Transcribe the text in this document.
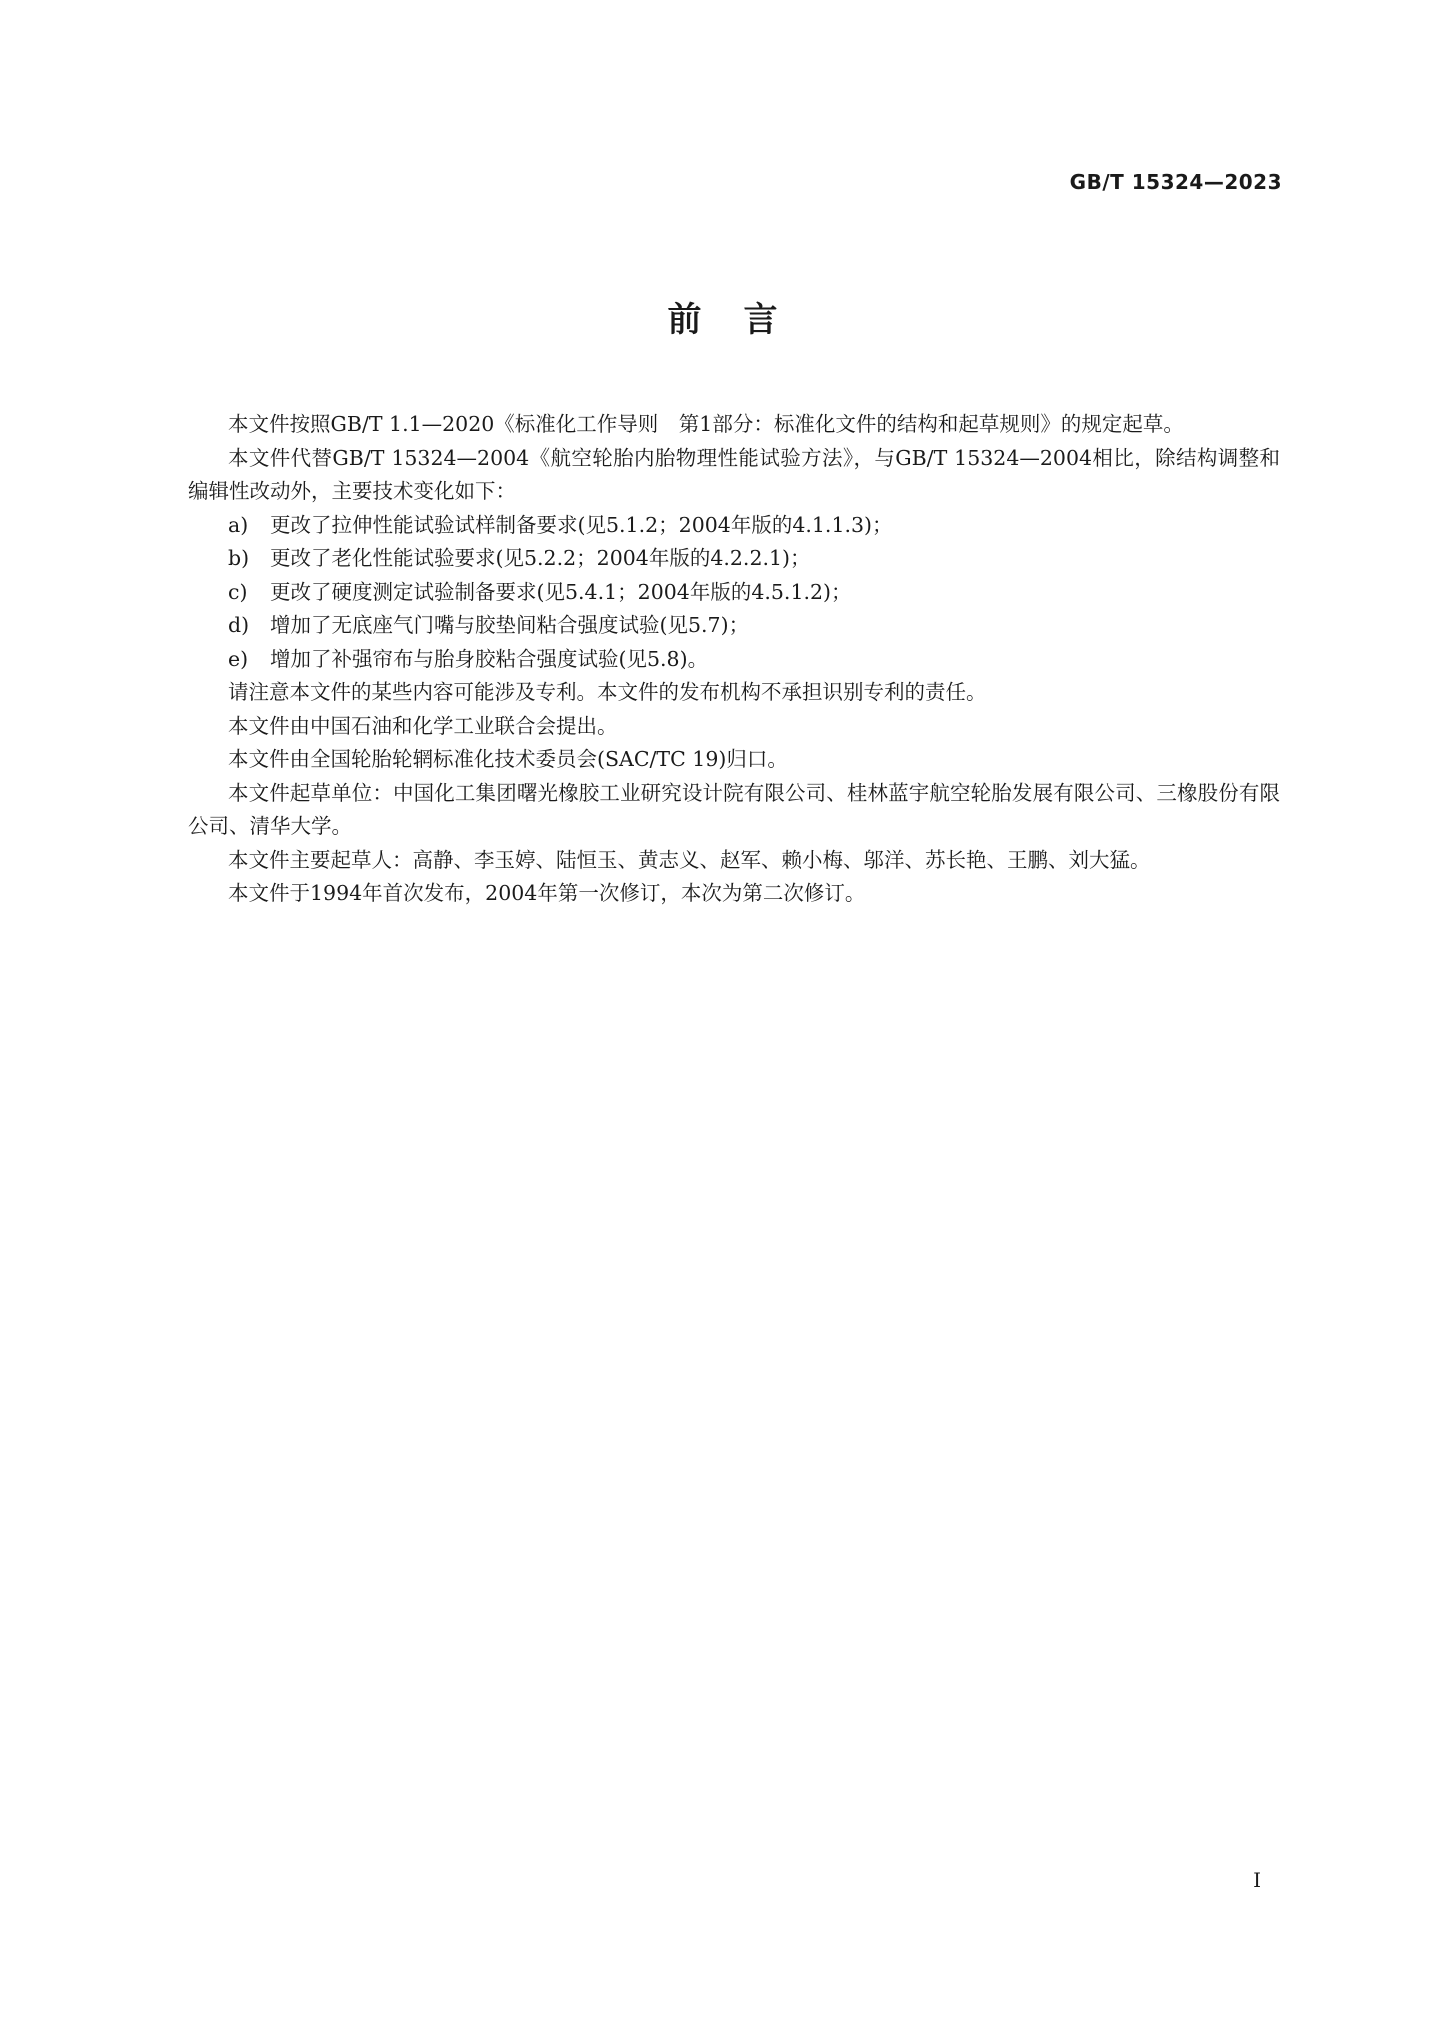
GB/T 15324—2023
前言

本文件按照GB/T 1.1—2020《标准化工作导则　第1部分：标准化文件的结构和起草规则》的规定起草。

本文件代替GB/T 15324—2004《航空轮胎内胎物理性能试验方法》，与GB/T 15324—2004相比，除结构调整和编辑性改动外，主要技术变化如下：

a) 更改了拉伸性能试验试样制备要求(见5.1.2；2004年版的4.1.1.3)；
b) 更改了老化性能试验要求(见5.2.2；2004年版的4.2.2.1)；
c) 更改了硬度测定试验制备要求(见5.4.1；2004年版的4.5.1.2)；
d) 增加了无底座气门嘴与胶垫间粘合强度试验(见5.7)；
e) 增加了补强帘布与胎身胶粘合强度试验(见5.8)。

请注意本文件的某些内容可能涉及专利。本文件的发布机构不承担识别专利的责任。

本文件由中国石油和化学工业联合会提出。

本文件由全国轮胎轮辋标准化技术委员会(SAC/TC 19)归口。

本文件起草单位：中国化工集团曙光橡胶工业研究设计院有限公司、桂林蓝宇航空轮胎发展有限公司、三橡股份有限公司、清华大学。

本文件主要起草人：高静、李玉婷、陆恒玉、黄志义、赵军、赖小梅、邬洋、苏长艳、王鹏、刘大猛。

本文件于1994年首次发布，2004年第一次修订，本次为第二次修订。

I
